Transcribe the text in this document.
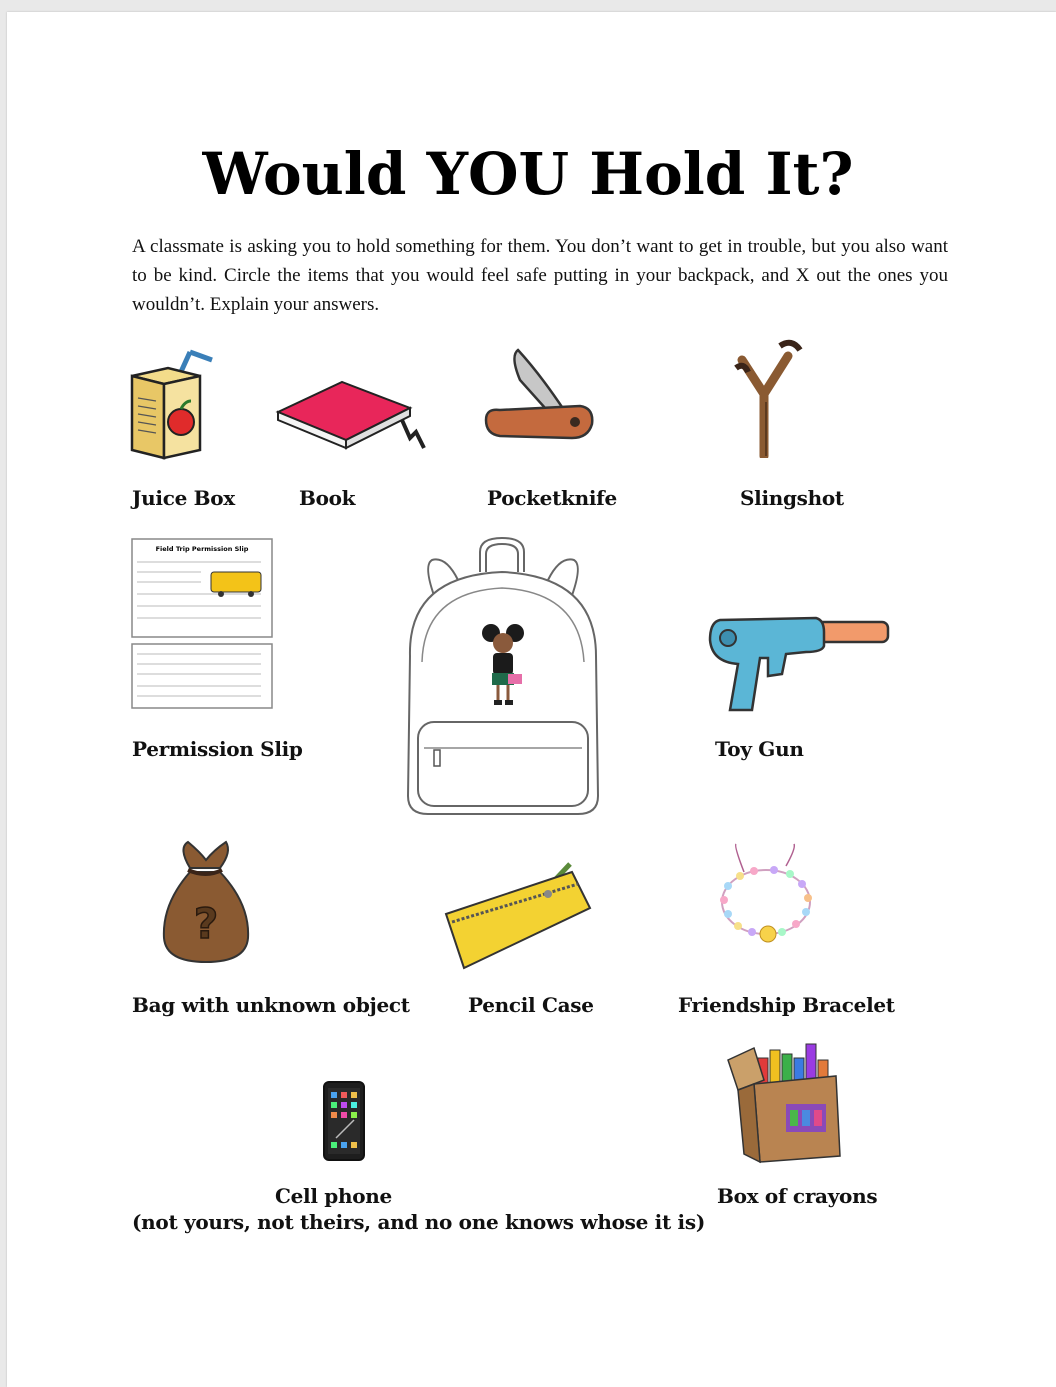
Would YOU Hold It?

A classmate is asking you to hold something for them. You don’t want to get in trouble, but you also want to be kind. Circle the items that you would feel safe putting in your backpack, and X out the ones you wouldn’t. Explain your answers.

Juice Box	Book	Pocketknife	Slingshot
Field Trip Permission Slip
Permission Slip	Toy Gun
?
Bag with unknown object	Pencil Case	Friendship Bracelet
Cell phone
(not yours, not theirs, and no one knows whose it is)
Box of crayons
